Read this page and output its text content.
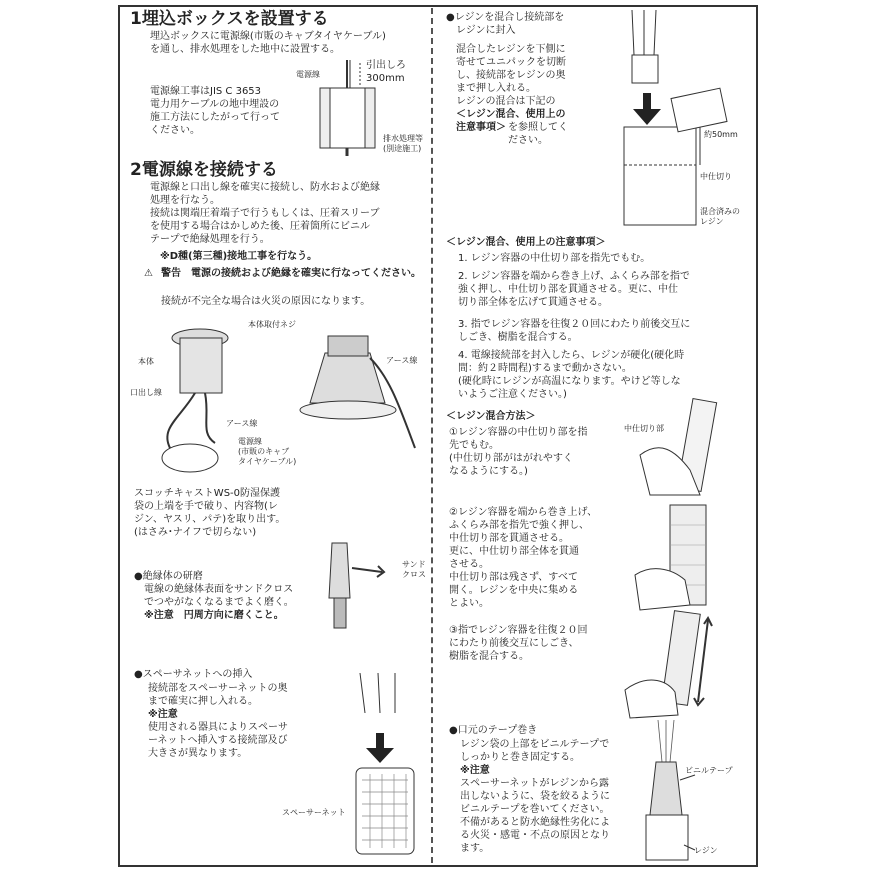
1埋込ボックスを設置する
埋込ボックスに電源線(市販のキャブタイヤケーブル)
を通し、排水処理をした地中に設置する。
電源線工事はJIS C 3653
電力用ケーブルの地中埋設の
施工方法にしたがって行って
ください。
電源線
引出しろ
300mm
排水処理等
(別途施工)
2電源線を接続する
電源線と口出し線を確実に接続し、防水および絶縁
処理を行なう。
接続は関端圧着端子で行うもしくは、圧着スリーブ
を使用する場合はかしめた後、圧着箇所にビニル
テープで絶縁処理を行う。
※D種(第三種)接地工事を行なう。
⚠ 警告　電源の接続および絶縁を確実に行なってください。
接続が不完全な場合は火災の原因になります。
本体取付ネジ
本体
口出し線
アース線
アース線
電源線
(市販のキャブ
タイヤケーブル)
スコッチキャストWS-0防湿保護
袋の上端を手で破り、内容物(レ
ジン、ヤスリ、パテ)を取り出す。
(はさみ･ナイフで切らない)
●絶縁体の研磨
電線の絶縁体表面をサンドクロス
でつやがなくなるまでよく磨く。
※注意　円周方向に磨くこと。
サンド
クロス
●スペーサネットへの挿入
接続部をスペーサーネットの奥
まで確実に押し入れる。
※注意
使用される器具によりスペーサ
ーネットへ挿入する接続部及び
大きさが異なります。
スペーサーネット
●レジンを混合し接続部を
　レジンに封入
混合したレジンを下側に
寄せてユニパックを切断
し、接続部をレジンの奥
まで押し入れる。
レジンの混合は下記の
＜レジン混合、使用上の
注意事項＞ を参照してく
ださい。
約50mm
中仕切り
混合済みの
レジン
＜レジン混合、使用上の注意事項＞
1. レジン容器の中仕切り部を指先でもむ。
2. レジン容器を端から巻き上げ、ふくらみ部を指で
強く押し、中仕切り部を貫通させる。更に、中仕
切り部全体を広げて貫通させる。
3. 指でレジン容器を往復２０回にわたり前後交互に
しごき、樹脂を混合する。
4. 電線接続部を封入したら、レジンが硬化(硬化時
間：約２時間程)するまで動かさない。
(硬化時にレジンが高温になります。やけど等しな
いようご注意ください。)
＜レジン混合方法＞
①レジン容器の中仕切り部を指
先でもむ。
(中仕切り部がはがれやすく
なるようにする。)
中仕切り部
②レジン容器を端から巻き上げ、
ふくらみ部を指先で強く押し、
中仕切り部を貫通させる。
更に、中仕切り部全体を貫通
させる。
中仕切り部は残さず、すべて
開く。レジンを中央に集める
とよい。
③指でレジン容器を往復２０回
にわたり前後交互にしごき、
樹脂を混合する。
●口元のテープ巻き
レジン袋の上部をビニルテープで
しっかりと巻き固定する。
※注意
スペーサーネットがレジンから露
出しないように、袋を絞るように
ビニルテープを巻いてください。
不備があると防水絶縁性劣化によ
る火災・感電・不点の原因となり
ます。
ビニルテープ
レジン
